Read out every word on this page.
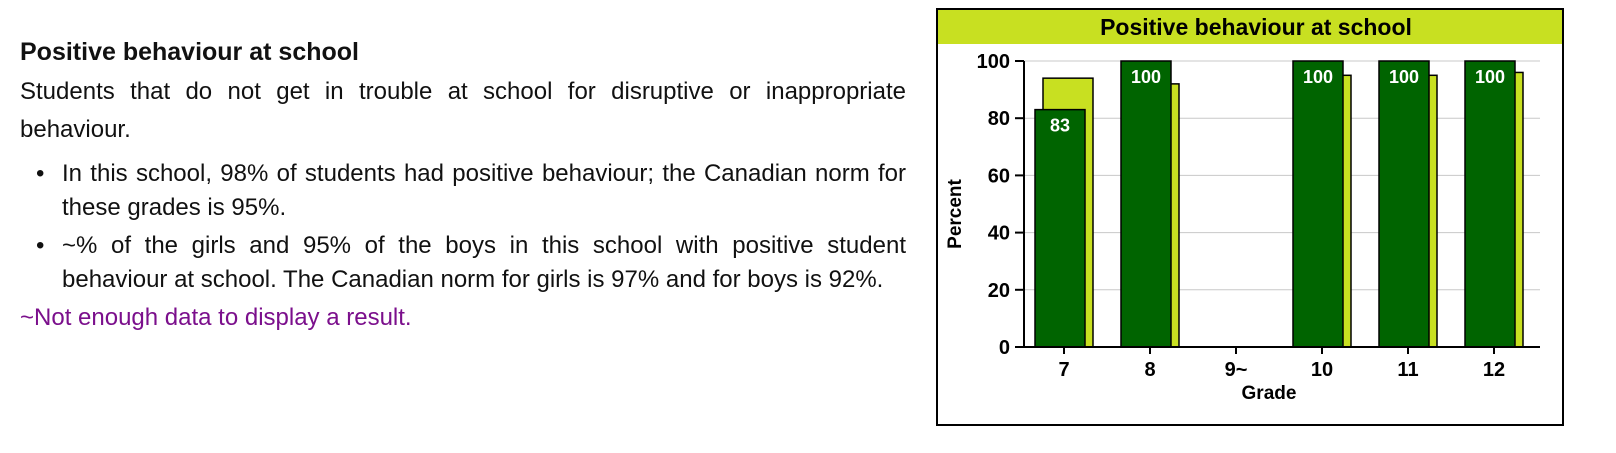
Positive behaviour at school

Students that do not get in trouble at school for disruptive or inappropriate behaviour.

• In this school, 98% of students had positive behaviour; the Canadian norm for these grades is 95%.
• ~% of the girls and 95% of the boys in this school with positive student behaviour at school. The Canadian norm for girls is 97% and for boys is 92%.
~Not enough data to display a result.
Positive behaviour at school
83
100	100	100	100
0
20
40
60
80
100
7	8	9~	10	11	12
Grade
Percent
